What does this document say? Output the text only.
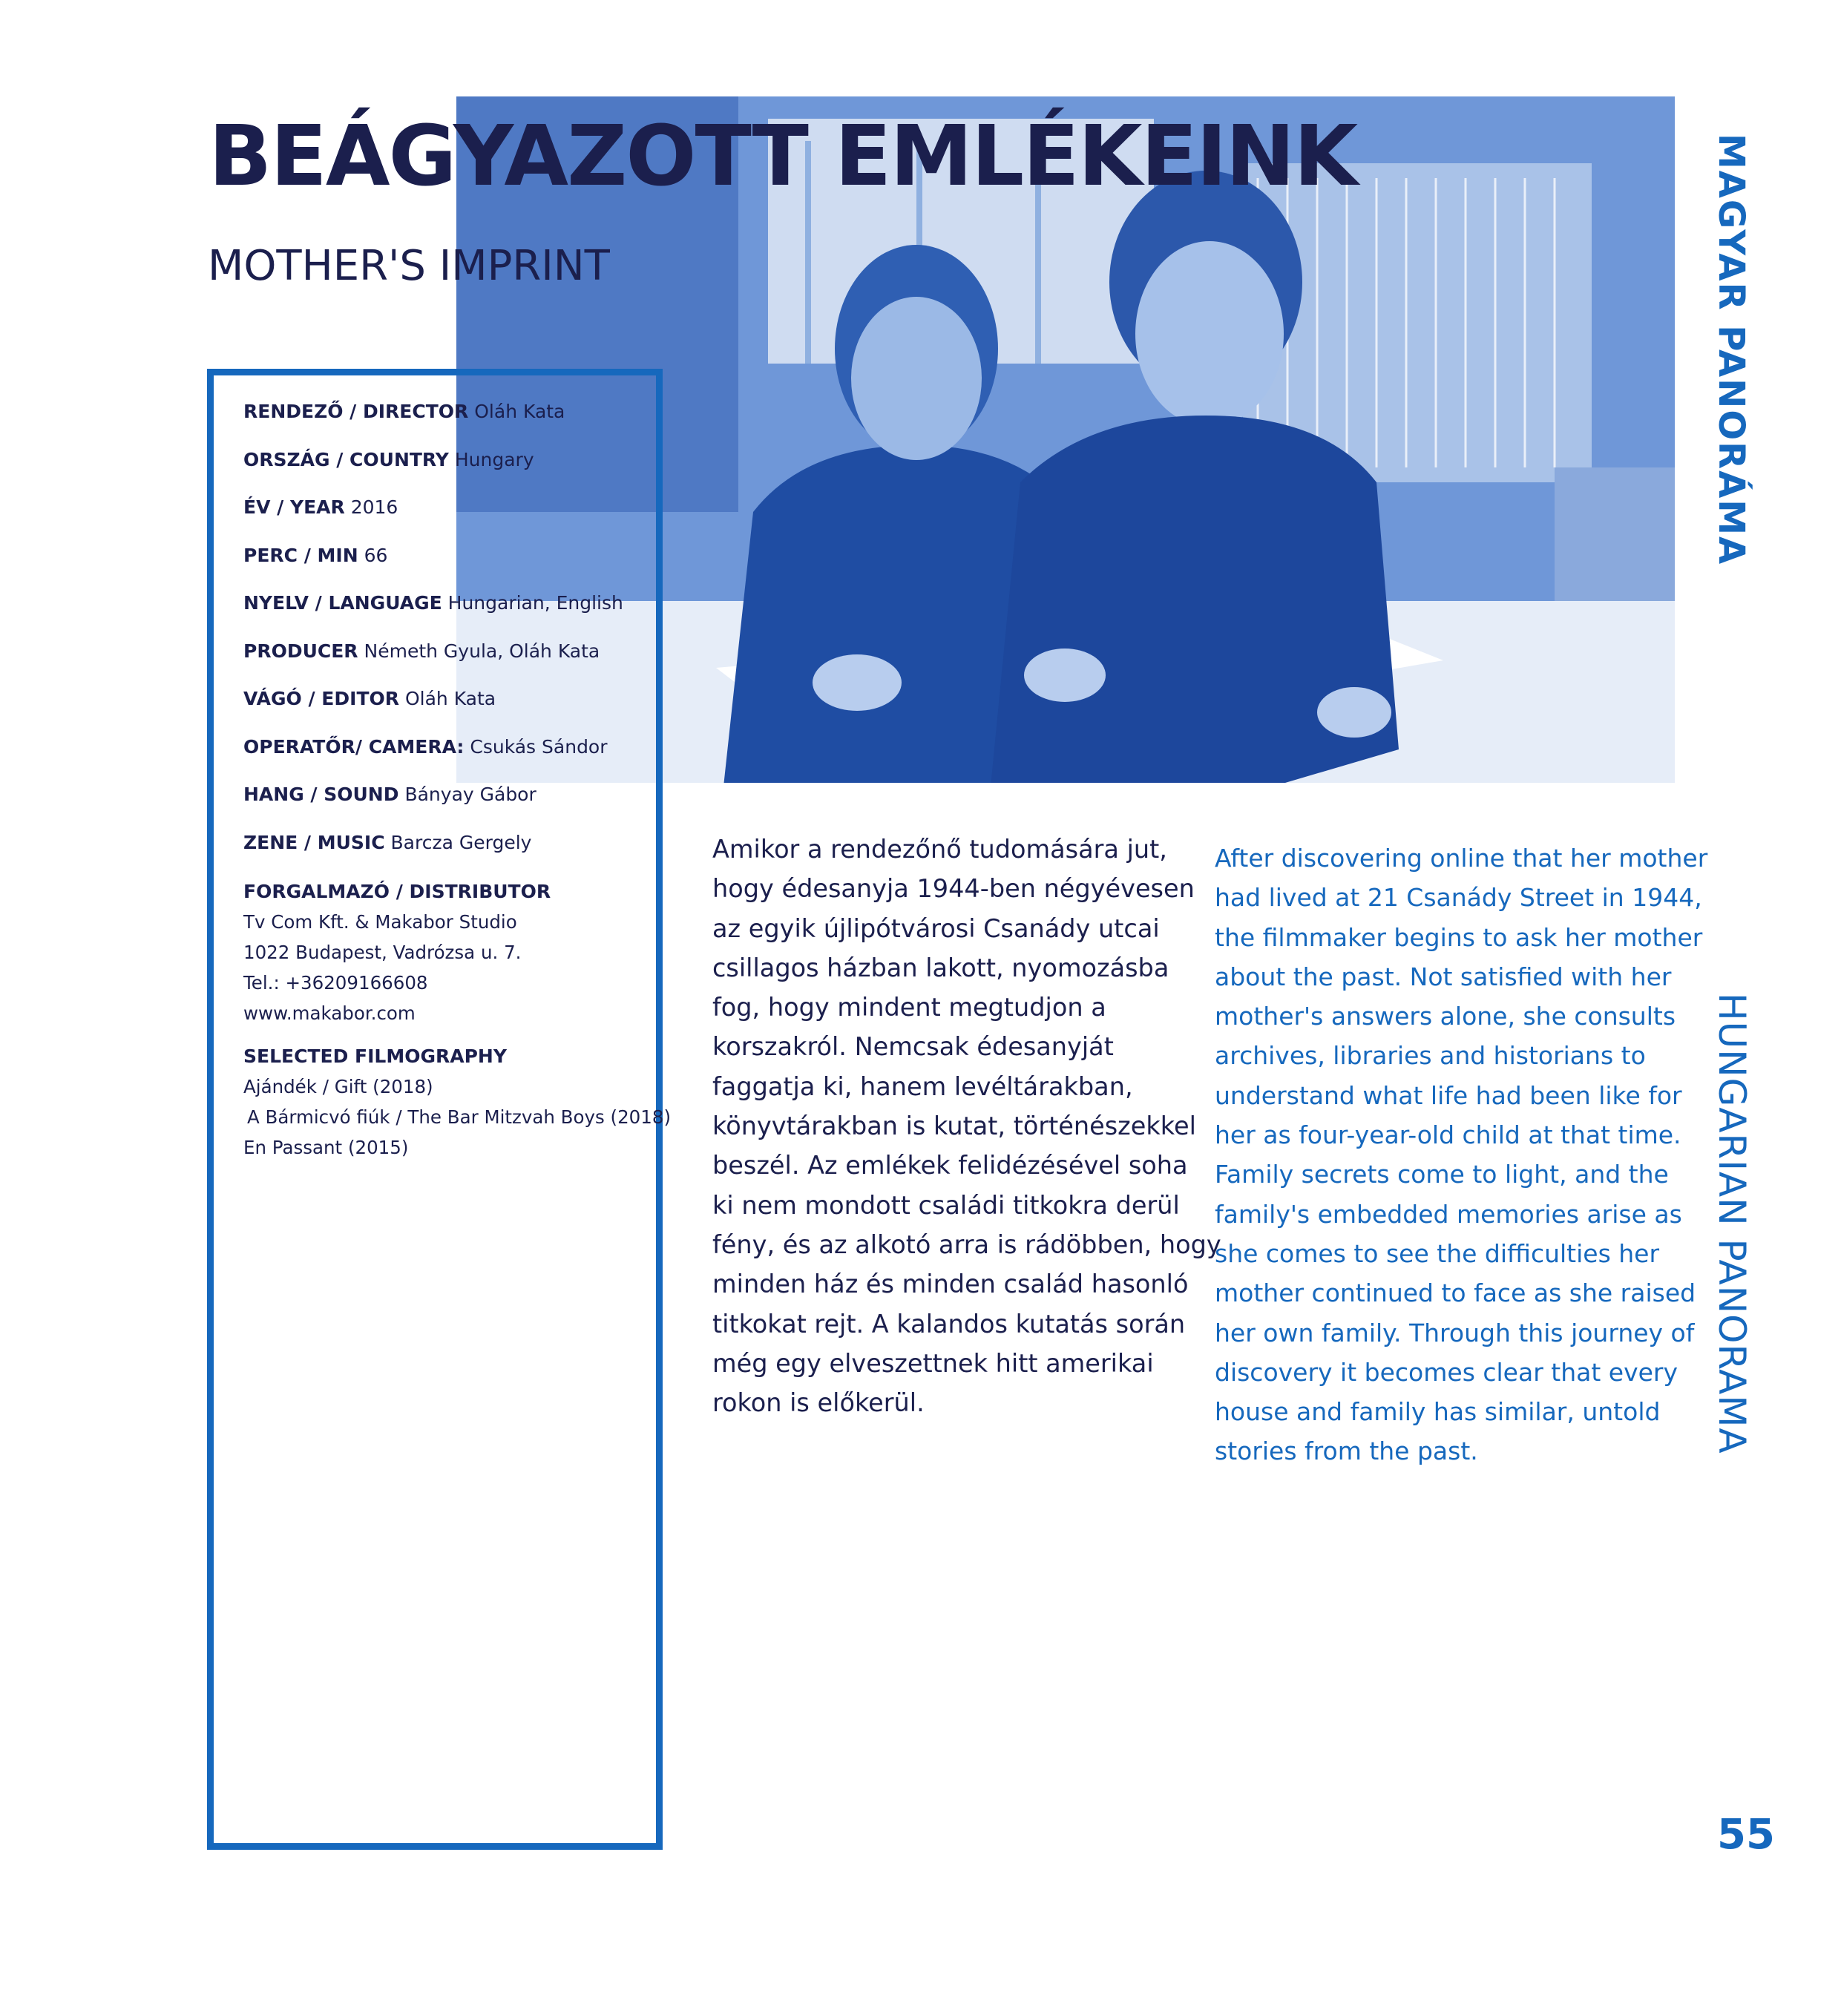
BEÁGYAZOTT EMLÉKEINK
MOTHER'S IMPRINT
RENDEZŐ / DIRECTOR Oláh Kata
ORSZÁG / COUNTRY Hungary
ÉV / YEAR 2016
PERC / MIN 66
NYELV / LANGUAGE Hungarian, English
PRODUCER Németh Gyula, Oláh Kata
VÁGÓ / EDITOR Oláh Kata
OPERATŐR/ CAMERA: Csukás Sándor
HANG / SOUND Bányay Gábor
ZENE / MUSIC Barcza Gergely
FORGALMAZÓ / DISTRIBUTOR
Tv Com Kft. & Makabor Studio
1022 Budapest, Vadrózsa u. 7.
Tel.: +36209166608
www.makabor.com
SELECTED FILMOGRAPHY
Ajándék / Gift (2018)
A Bármicvó fiúk / The Bar Mitzvah Boys (2018)
En Passant (2015)

Amikor a rendezőnő tudomására jut,
hogy édesanyja 1944-ben négyévesen
az egyik újlipótvárosi Csanády utcai
csillagos házban lakott, nyomozásba
fog, hogy mindent megtudjon a
korszakról. Nemcsak édesanyját
faggatja ki, hanem levéltárakban,
könyvtárakban is kutat, történészekkel
beszél. Az emlékek felidézésével soha
ki nem mondott családi titkokra derül
fény, és az alkotó arra is rádöbben, hogy
minden ház és minden család hasonló
titkokat rejt. A kalandos kutatás során
még egy elveszettnek hitt amerikai
rokon is előkerül.

After discovering online that her mother
had lived at 21 Csanády Street in 1944,
the filmmaker begins to ask her mother
about the past. Not satisfied with her
mother's answers alone, she consults
archives, libraries and historians to
understand what life had been like for
her as four-year-old child at that time.
Family secrets come to light, and the
family's embedded memories arise as
she comes to see the difficulties her
mother continued to face as she raised
her own family. Through this journey of
discovery it becomes clear that every
house and family has similar, untold
stories from the past.

MAGYAR PANORÁMA
HUNGARIAN PANORAMA
55
